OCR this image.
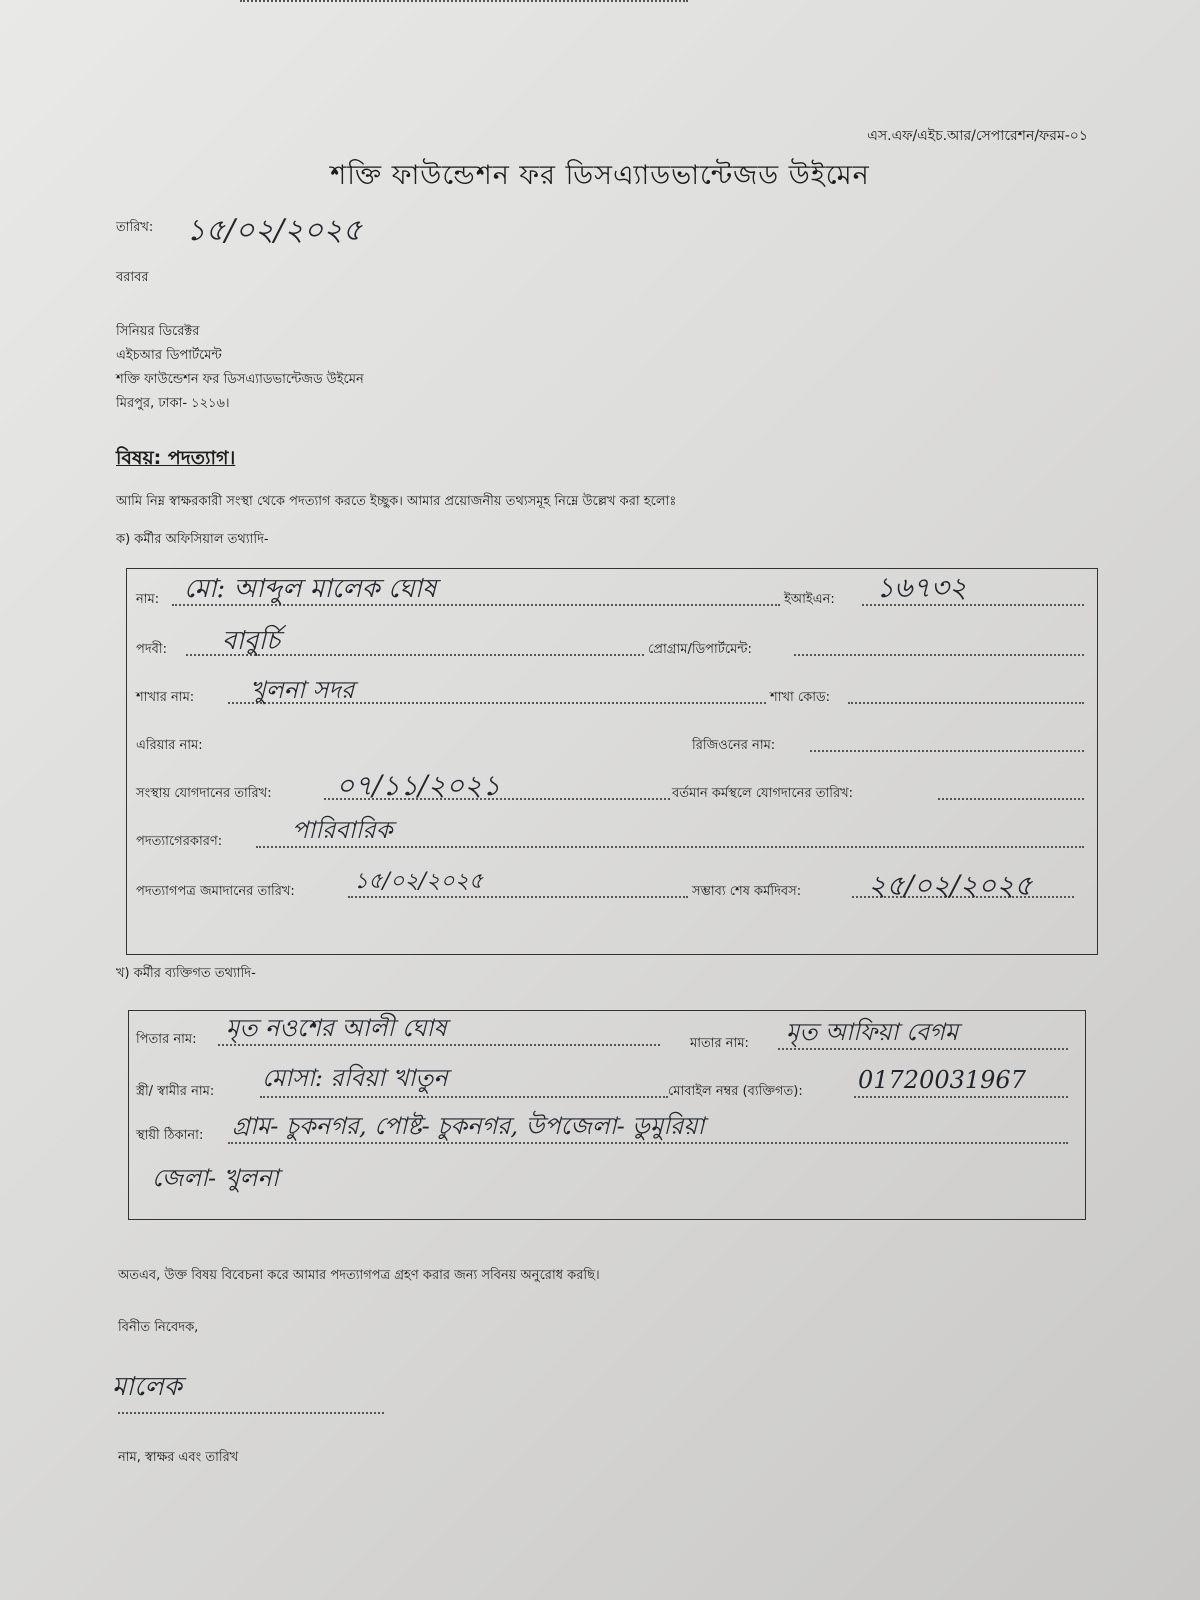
এস.এফ/এইচ.আর/সেপারেশন/ফরম-০১
শক্তি ফাউন্ডেশন ফর ডিসএ্যাডভান্টেজড উইমেন
তারিখ: ১৫/০২/২০২৫
বরাবর
সিনিয়র ডিরেক্টর
এইচআর ডিপার্টমেন্ট
শক্তি ফাউন্ডেশন ফর ডিসএ্যাডভান্টেজড উইমেন
মিরপুর, ঢাকা- ১২১৬।
বিষয়: পদত্যাগ।
আমি নিম্ন স্বাক্ষরকারী সংস্থা থেকে পদত্যাগ করতে ইচ্ছুক। আমার প্রয়োজনীয় তথ্যসমূহ নিম্নে উল্লেখ করা হলোঃ
ক) কর্মীর অফিসিয়াল তথ্যাদি-
নাম: মো: আব্দুল মালেক ঘোষ	ইআইএন: ১৬৭৩২
পদবী: বাবুর্চি	প্রোগ্রাম/ডিপার্টমেন্ট:
শাখার নাম: খুলনা সদর	শাখা কোড:
এরিয়ার নাম:	রিজিওনের নাম:
সংস্থায় যোগদানের তারিখ: ০৭/১১/২০২১	বর্তমান কর্মস্থলে যোগদানের তারিখ:
পদত্যাগেরকারণ:	পারিবারিক
পদত্যাগপত্র জমাদানের তারিখ:	১৫/০২/২০২৫	সম্ভাব্য শেষ কর্মদিবস: ২৫/০২/২০২৫
খ) কর্মীর ব্যক্তিগত তথ্যাদি-
পিতার নাম: মৃত নওশের আলী ঘোষ
মাতার নাম: মৃত আফিয়া বেগম
স্ত্রী/ স্বামীর নাম: মোসা: রবিয়া খাতুন	মোবাইল নম্বর (ব্যক্তিগত): 01720031967
স্থায়ী ঠিকানা: গ্রাম- চুকনগর, পোষ্ট- চুকনগর, উপজেলা- ডুমুরিয়া
জেলা- খুলনা
অতএব, উক্ত বিষয় বিবেচনা করে আমার পদত্যাগপত্র গ্রহণ করার জন্য সবিনয় অনুরোধ করছি।
বিনীত নিবেদক,
মালেক
নাম, স্বাক্ষর এবং তারিখ
